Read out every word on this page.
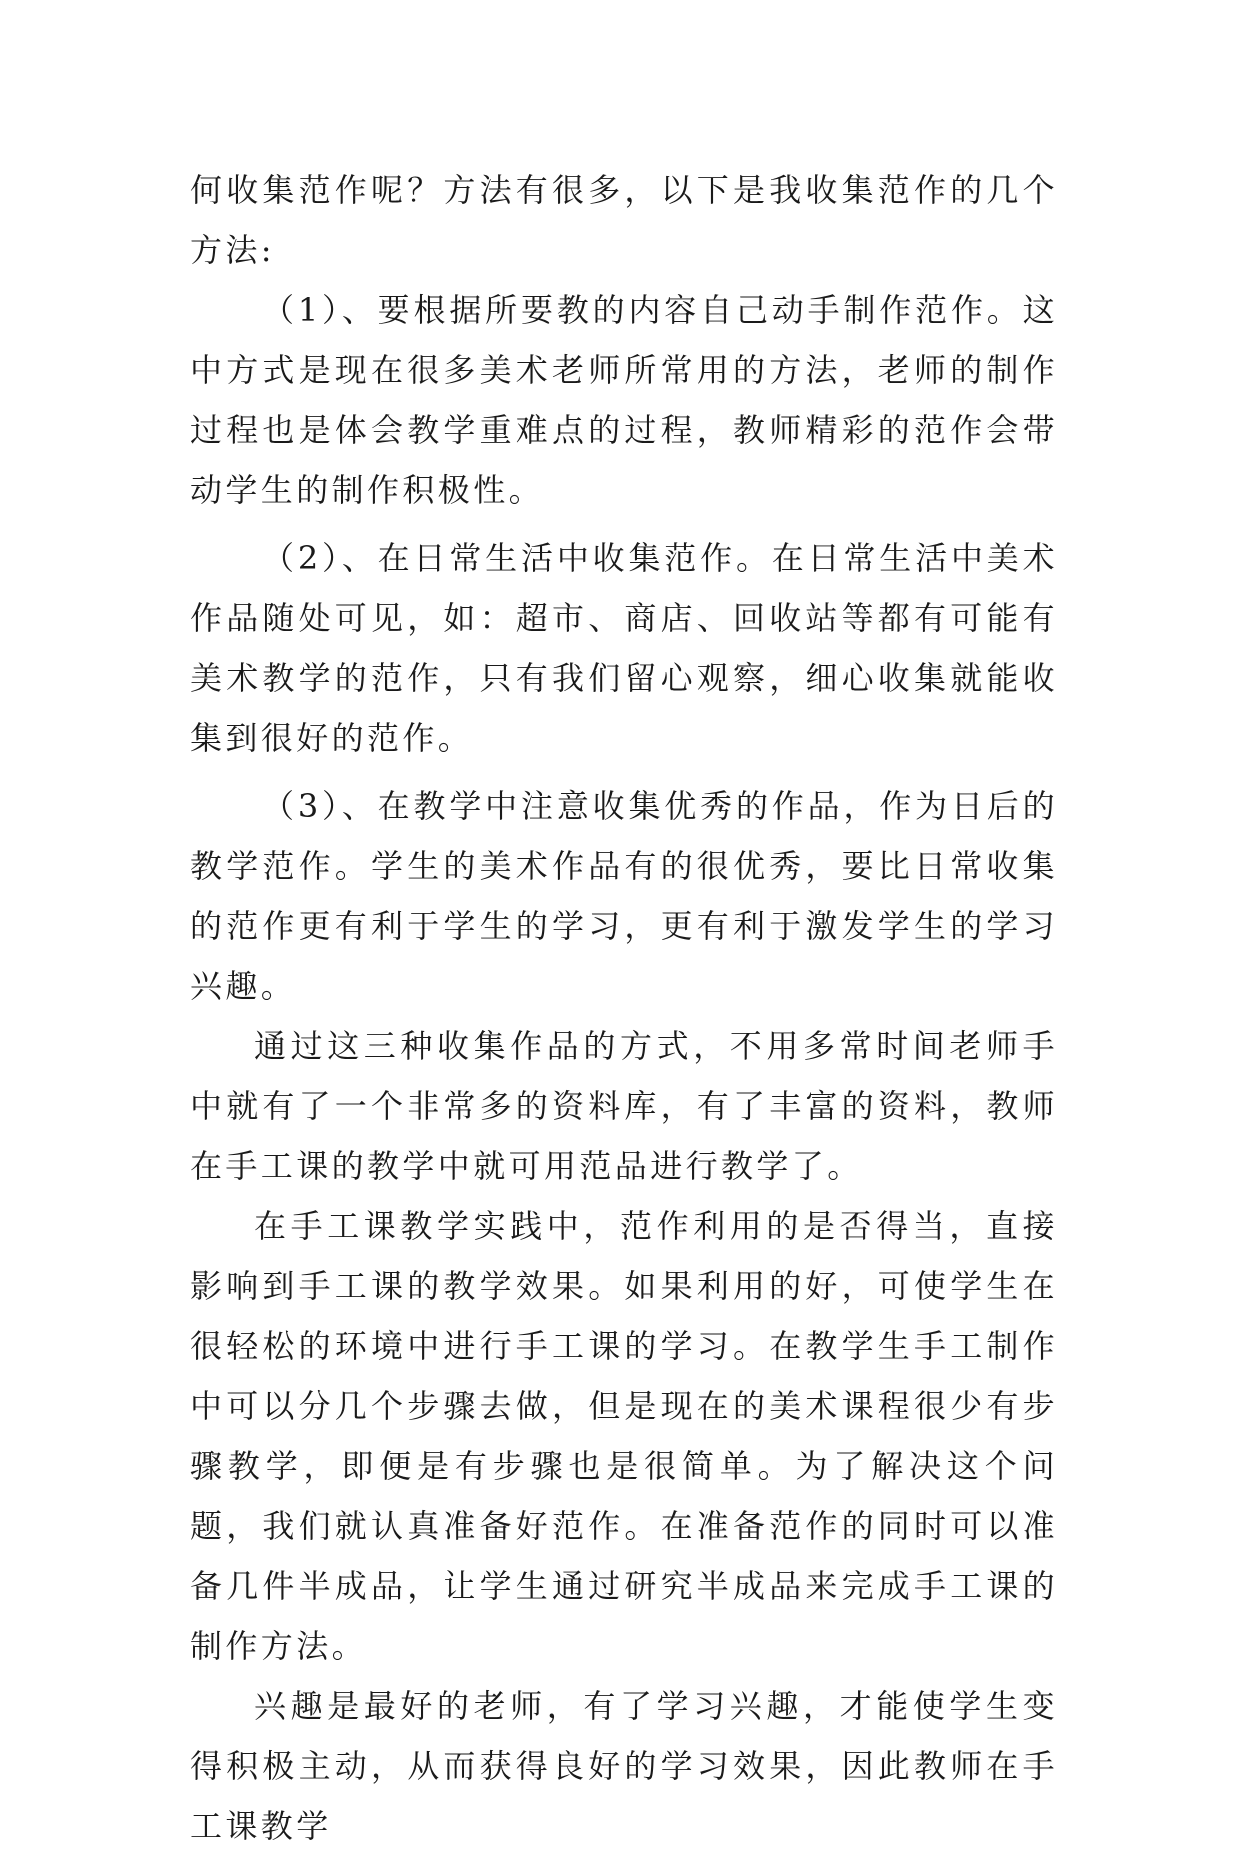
何收集范作呢？方法有很多，以下是我收集范作的几个方法:

（1）、要根据所要教的内容自己动手制作范作。这中方式是现在很多美术老师所常用的方法，老师的制作过程也是体会教学重难点的过程，教师精彩的范作会带动学生的制作积极性。

（2）、在日常生活中收集范作。在日常生活中美术作品随处可见，如：超市、商店、回收站等都有可能有美术教学的范作，只有我们留心观察，细心收集就能收集到很好的范作。

（3）、在教学中注意收集优秀的作品，作为日后的教学范作。学生的美术作品有的很优秀，要比日常收集的范作更有利于学生的学习，更有利于激发学生的学习兴趣。

通过这三种收集作品的方式，不用多常时间老师手中就有了一个非常多的资料库，有了丰富的资料，教师在手工课的教学中就可用范品进行教学了。

在手工课教学实践中，范作利用的是否得当，直接影响到手工课的教学效果。如果利用的好，可使学生在很轻松的环境中进行手工课的学习。在教学生手工制作中可以分几个步骤去做，但是现在的美术课程很少有步骤教学，即便是有步骤也是很简单。为了解决这个问题，我们就认真准备好范作。在准备范作的同时可以准备几件半成品，让学生通过研究半成品来完成手工课的制作方法。

兴趣是最好的老师，有了学习兴趣，才能使学生变得积极主动，从而获得良好的学习效果，因此教师在手工课教学
